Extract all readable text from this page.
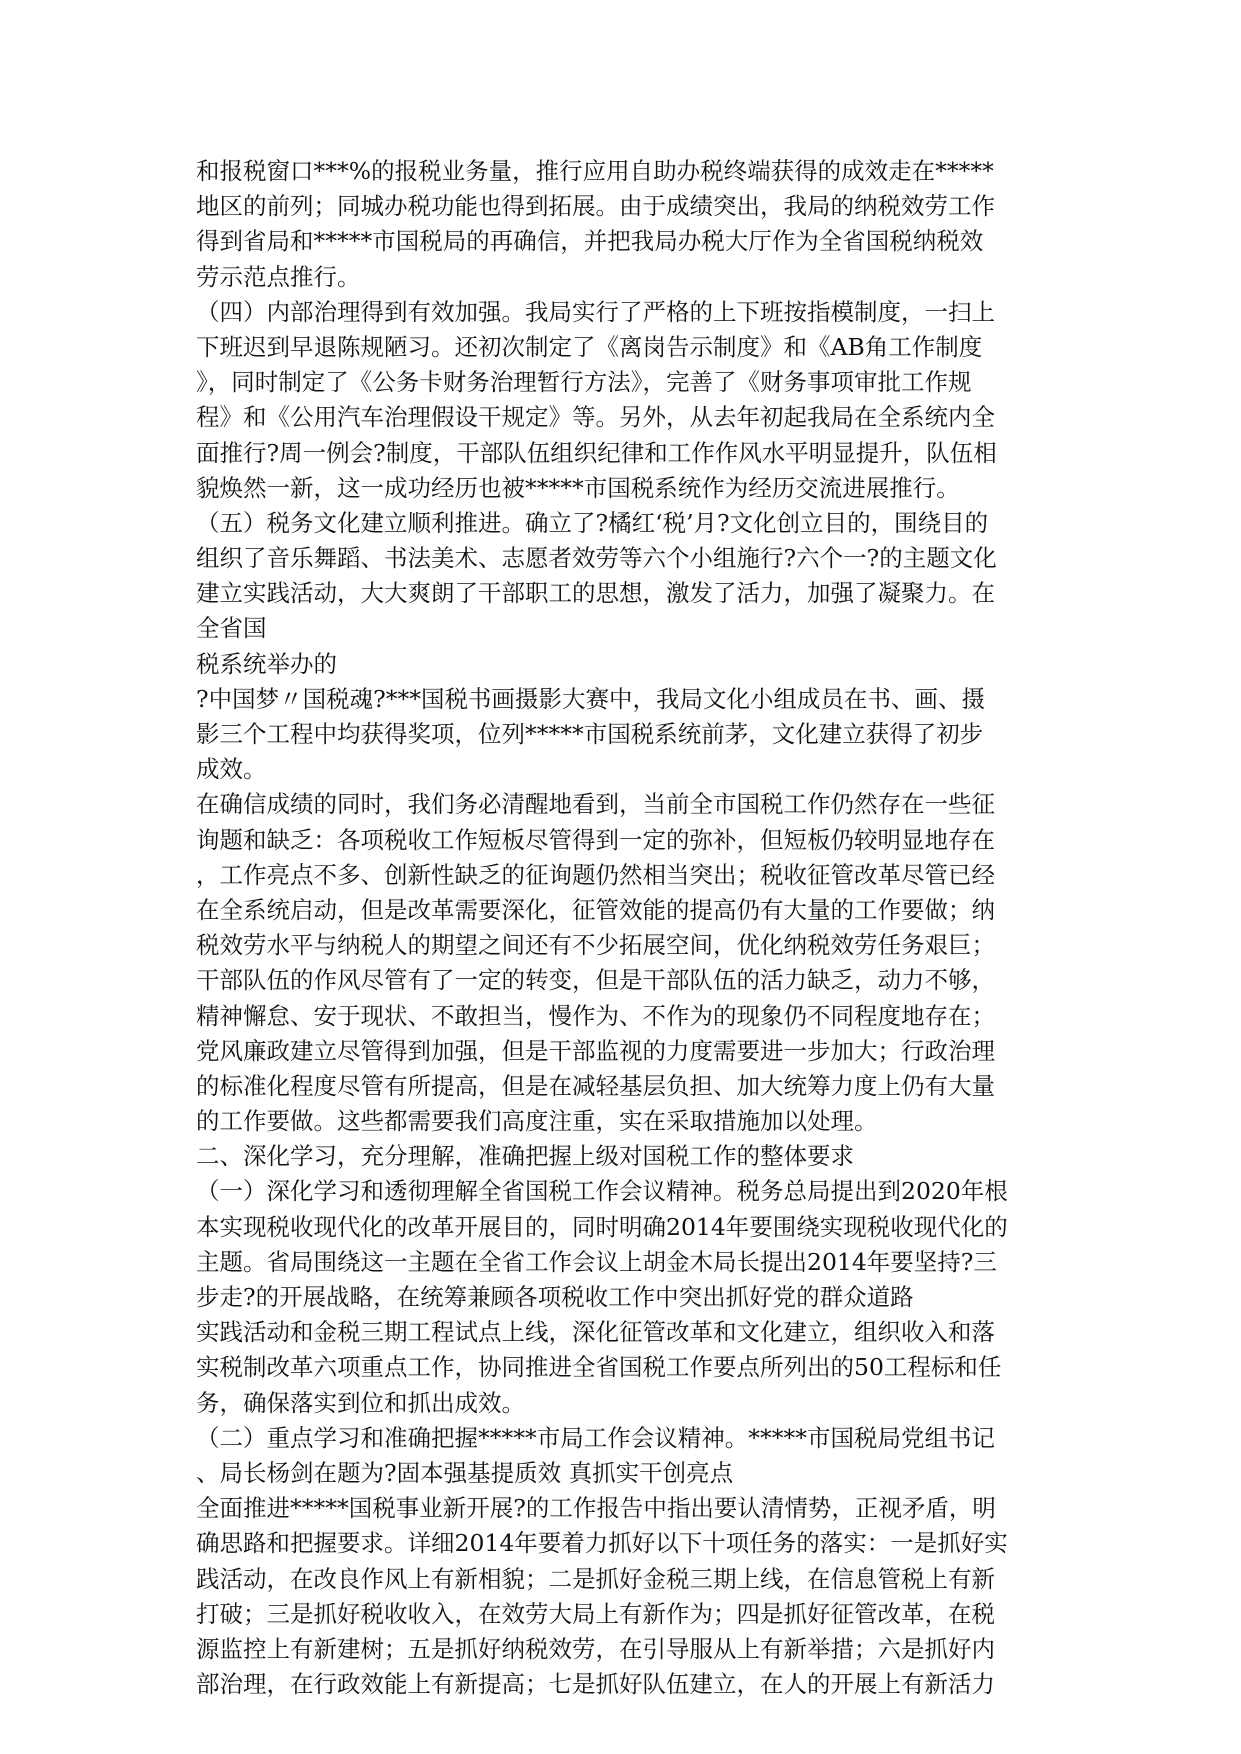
和报税窗口***%的报税业务量，推行应用自助办税终端获得的成效走在*****
地区的前列；同城办税功能也得到拓展。由于成绩突出，我局的纳税效劳工作
得到省局和*****市国税局的再确信，并把我局办税大厅作为全省国税纳税效
劳示范点推行。
（四）内部治理得到有效加强。我局实行了严格的上下班按指模制度，一扫上
下班迟到早退陈规陋习。还初次制定了《离岗告示制度》和《AB角工作制度
》，同时制定了《公务卡财务治理暂行方法》，完善了《财务事项审批工作规
程》和《公用汽车治理假设干规定》等。另外，从去年初起我局在全系统内全
面推行?周一例会?制度，干部队伍组织纪律和工作作风水平明显提升，队伍相
貌焕然一新，这一成功经历也被*****市国税系统作为经历交流进展推行。
（五）税务文化建立顺利推进。确立了?橘红‘税’月?文化创立目的，围绕目的
组织了音乐舞蹈、书法美术、志愿者效劳等六个小组施行?六个一?的主题文化
建立实践活动，大大爽朗了干部职工的思想，激发了活力，加强了凝聚力。在
全省国
税系统举办的
?中国梦〃国税魂?***国税书画摄影大赛中，我局文化小组成员在书、画、摄
影三个工程中均获得奖项，位列*****市国税系统前茅，文化建立获得了初步
成效。
在确信成绩的同时，我们务必清醒地看到，当前全市国税工作仍然存在一些征
询题和缺乏：各项税收工作短板尽管得到一定的弥补，但短板仍较明显地存在
，工作亮点不多、创新性缺乏的征询题仍然相当突出；税收征管改革尽管已经
在全系统启动，但是改革需要深化，征管效能的提高仍有大量的工作要做；纳
税效劳水平与纳税人的期望之间还有不少拓展空间，优化纳税效劳任务艰巨；
干部队伍的作风尽管有了一定的转变，但是干部队伍的活力缺乏，动力不够，
精神懈怠、安于现状、不敢担当，慢作为、不作为的现象仍不同程度地存在；
党风廉政建立尽管得到加强，但是干部监视的力度需要进一步加大；行政治理
的标准化程度尽管有所提高，但是在减轻基层负担、加大统筹力度上仍有大量
的工作要做。这些都需要我们高度注重，实在采取措施加以处理。
二、深化学习，充分理解，准确把握上级对国税工作的整体要求
（一）深化学习和透彻理解全省国税工作会议精神。税务总局提出到2020年根
本实现税收现代化的改革开展目的，同时明确2014年要围绕实现税收现代化的
主题。省局围绕这一主题在全省工作会议上胡金木局长提出2014年要坚持?三
步走?的开展战略，在统筹兼顾各项税收工作中突出抓好党的群众道路
实践活动和金税三期工程试点上线，深化征管改革和文化建立，组织收入和落
实税制改革六项重点工作，协同推进全省国税工作要点所列出的50工程标和任
务，确保落实到位和抓出成效。
（二）重点学习和准确把握*****市局工作会议精神。*****市国税局党组书记
、局长杨剑在题为?固本强基提质效 真抓实干创亮点
全面推进*****国税事业新开展?的工作报告中指出要认清情势，正视矛盾，明
确思路和把握要求。详细2014年要着力抓好以下十项任务的落实：一是抓好实
践活动，在改良作风上有新相貌；二是抓好金税三期上线，在信息管税上有新
打破；三是抓好税收收入，在效劳大局上有新作为；四是抓好征管改革，在税
源监控上有新建树；五是抓好纳税效劳，在引导服从上有新举措；六是抓好内
部治理，在行政效能上有新提高；七是抓好队伍建立，在人的开展上有新活力
